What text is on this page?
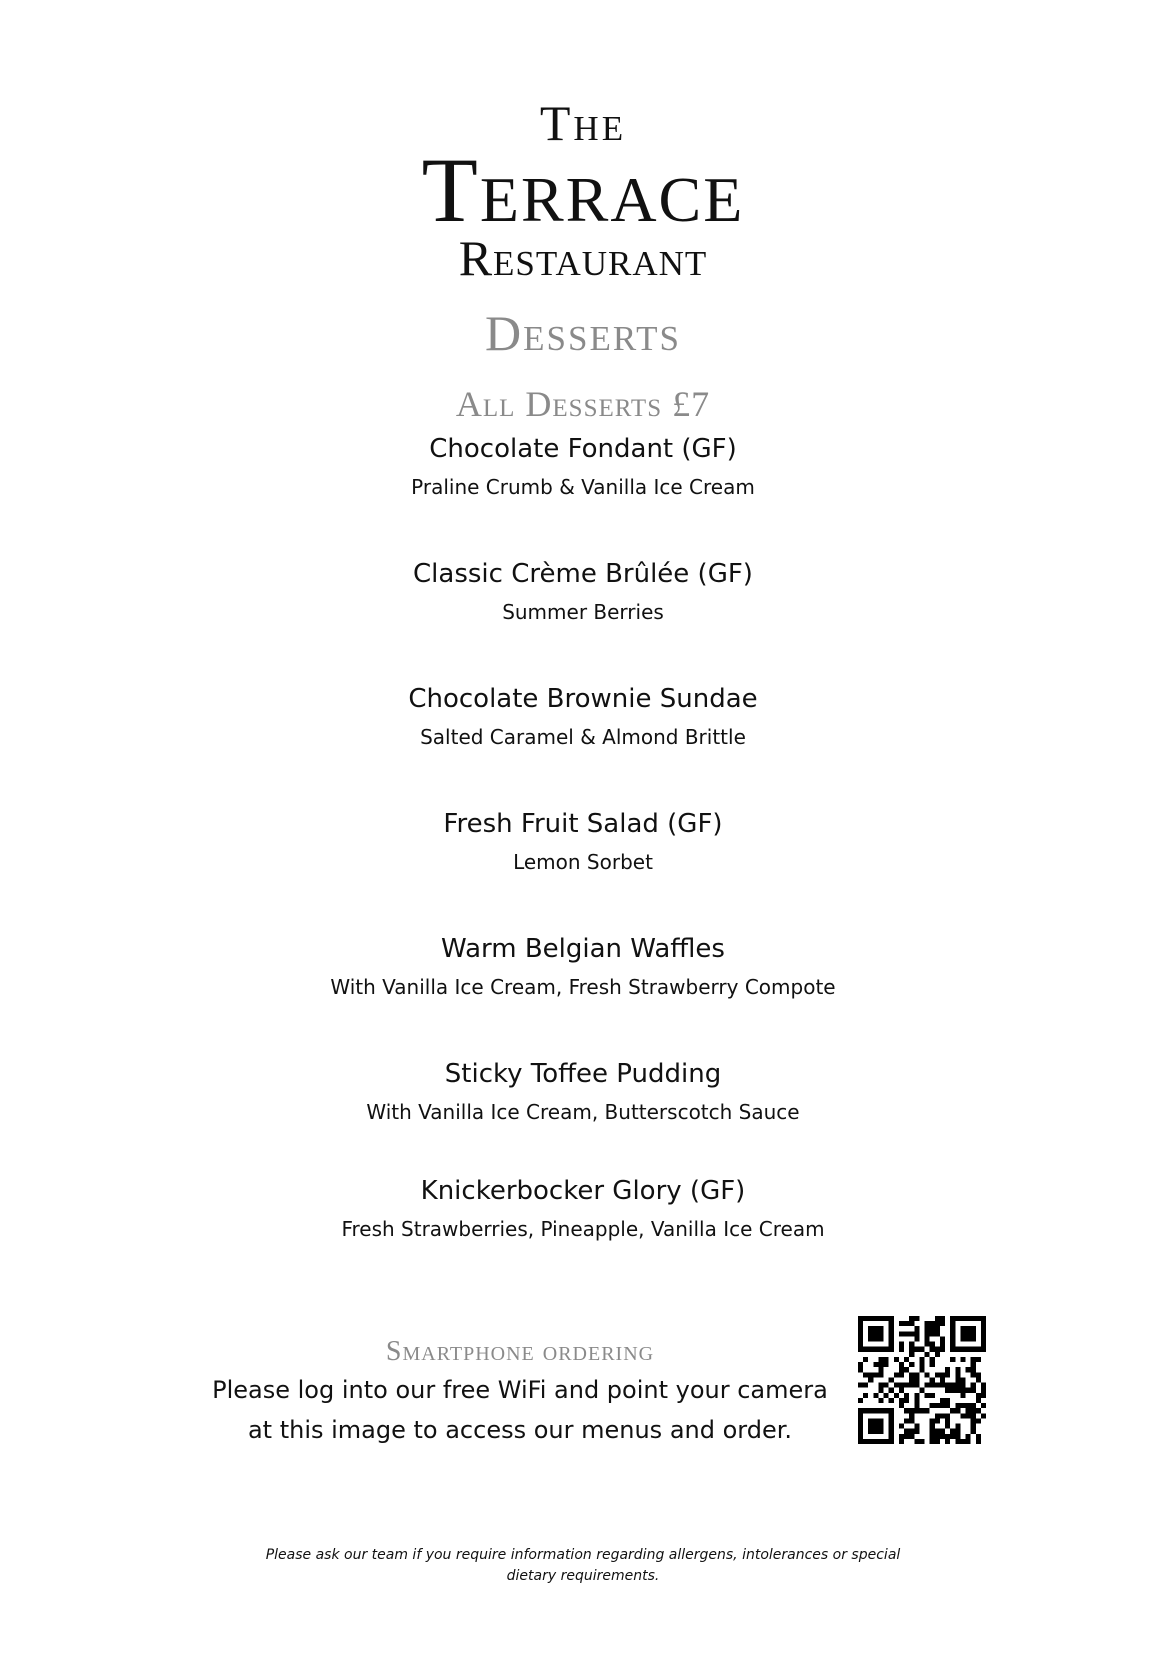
The
Terrace
Restaurant
Desserts
All Desserts £7
Chocolate Fondant (GF)
Praline Crumb & Vanilla Ice Cream
Classic Crème Brûlée (GF)
Summer Berries
Chocolate Brownie Sundae
Salted Caramel & Almond Brittle
Fresh Fruit Salad (GF)
Lemon Sorbet
Warm Belgian Waffles
With Vanilla Ice Cream, Fresh Strawberry Compote
Sticky Toffee Pudding
With Vanilla Ice Cream, Butterscotch Sauce
Knickerbocker Glory (GF)
Fresh Strawberries, Pineapple, Vanilla Ice Cream
Smartphone ordering
Please log into our free WiFi and point your camera
at this image to access our menus and order.
Please ask our team if you require information regarding allergens, intolerances or special dietary requirements.
